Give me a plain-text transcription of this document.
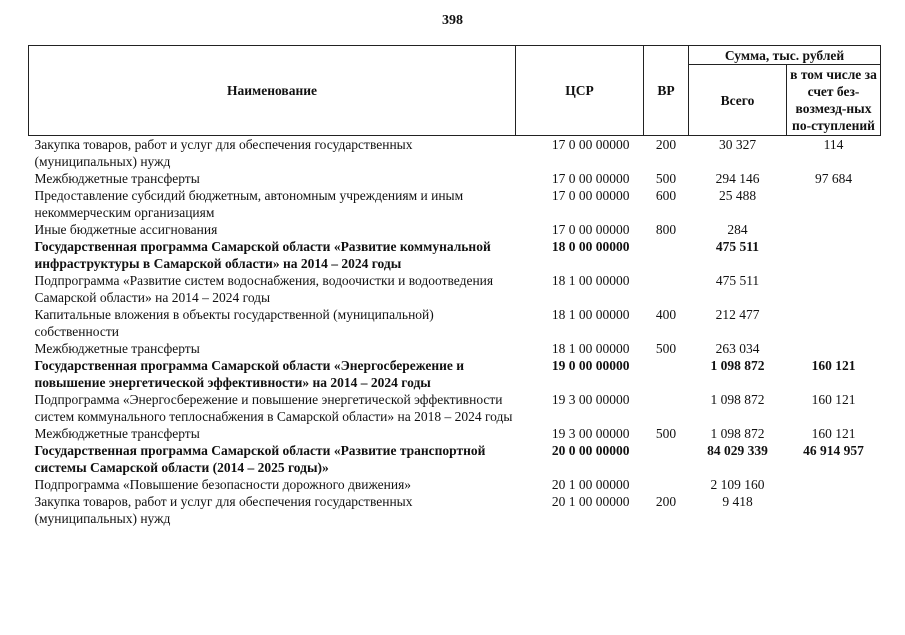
398
Наименование	ЦСР	ВР	Сумма, тыс. рублей	
			Всего	в том числе за счет без-возмезд-ных по-ступлений
Закупка товаров, работ и услуг для обеспечения государственных (муниципальных) нужд	17 0 00 00000	200	30 327	114
Межбюджетные трансферты	17 0 00 00000	500	294 146	97 684
Предоставление субсидий бюджетным, автономным учреждениям и иным некоммерческим организациям	17 0 00 00000	600	25 488	
Иные бюджетные ассигнования	17 0 00 00000	800	284	
Государственная программа Самарской области «Развитие коммунальной инфраструктуры в Самарской области» на 2014 – 2024 годы	18 0 00 00000		475 511	
Подпрограмма «Развитие систем водоснабжения, водоочистки и водоотведения Самарской области» на 2014 – 2024 годы	18 1 00 00000		475 511	
Капитальные вложения в объекты государственной (муниципальной) собственности	18 1 00 00000	400	212 477	
Межбюджетные трансферты	18 1 00 00000	500	263 034	
Государственная программа Самарской области «Энергосбережение и повышение энергетической эффективности» на 2014 – 2024 годы	19 0 00 00000		1 098 872	160 121
Подпрограмма «Энергосбережение и повышение энергетической эффективности систем коммунального теплоснабжения в Самарской области» на 2018 – 2024 годы	19 3 00 00000		1 098 872	160 121
Межбюджетные трансферты	19 3 00 00000	500	1 098 872	160 121
Государственная программа Самарской области «Развитие транспортной системы Самарской области (2014 – 2025 годы)»	20 0 00 00000		84 029 339	46 914 957
Подпрограмма «Повышение безопасности дорожного движения»	20 1 00 00000		2 109 160	
Закупка товаров, работ и услуг для обеспечения государственных (муниципальных) нужд	20 1 00 00000	200	9 418	
